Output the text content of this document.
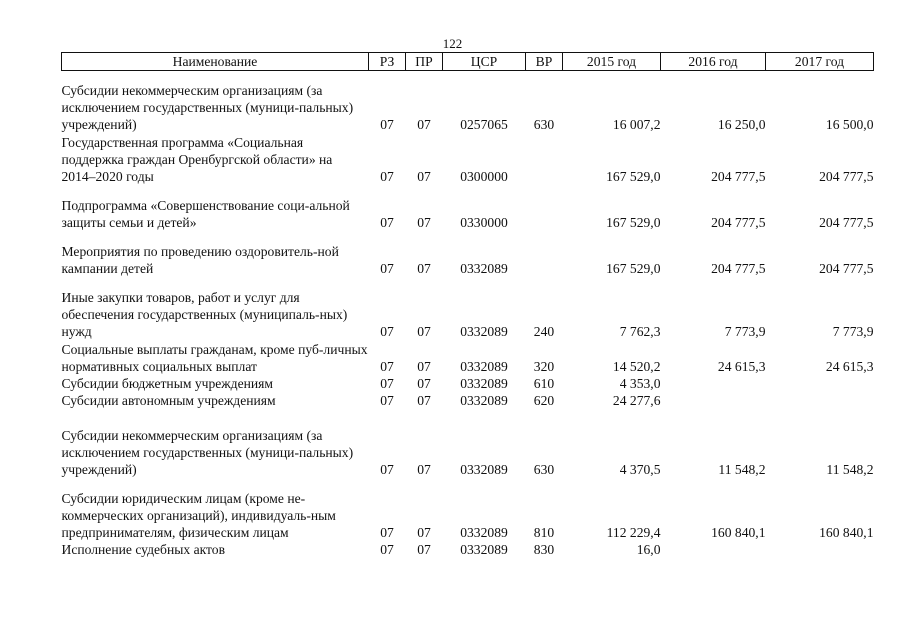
122
Наименование	РЗ	ПР	ЦСР	ВР	2015 год	2016 год	2017 год
Субсидии некоммерческим организациям (за исключением государственных (муници-пальных) учреждений)	07	07	0257065	630	16 007,2	16 250,0	16 500,0
Государственная программа «Социальная поддержка граждан Оренбургской области» на 2014–2020 годы	07	07	0300000		167 529,0	204 777,5	204 777,5
Подпрограмма «Совершенствование соци-альной защиты семьи и детей»	07	07	0330000		167 529,0	204 777,5	204 777,5
Мероприятия по проведению оздоровитель-ной кампании детей	07	07	0332089		167 529,0	204 777,5	204 777,5
Иные закупки товаров, работ и услуг для обеспечения государственных (муниципаль-ных) нужд	07	07	0332089	240	7 762,3	7 773,9	7 773,9
Социальные выплаты гражданам, кроме пуб-личных нормативных социальных выплат	07	07	0332089	320	14 520,2	24 615,3	24 615,3
Субсидии бюджетным учреждениям	07	07	0332089	610	4 353,0		
Субсидии автономным учреждениям	07	07	0332089	620	24 277,6		
Субсидии некоммерческим организациям (за исключением государственных (муници-пальных) учреждений)	07	07	0332089	630	4 370,5	11 548,2	11 548,2
Субсидии юридическим лицам (кроме не-коммерческих организаций), индивидуаль-ным предпринимателям, физическим лицам	07	07	0332089	810	112 229,4	160 840,1	160 840,1
Исполнение судебных актов	07	07	0332089	830	16,0		
